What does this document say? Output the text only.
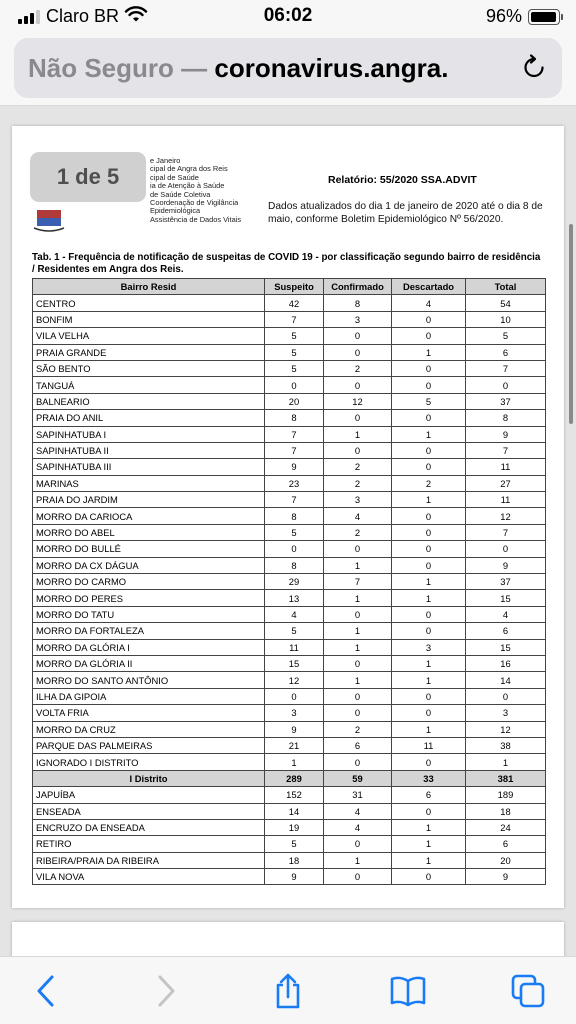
Claro BR	06:02	96%
Não Seguro — coronavirus.angra.
e Janeiro
cipal de Angra dos Reis
cipal de Saúde
ia de Atenção à Saúde
de Saúde Coletiva
Coordenação de Vigilância Epidemiológica
Assistência de Dados Vitais
Relatório: 55/2020 SSA.ADVIT
Dados atualizados do dia 1 de janeiro de 2020 até o dia 8 de maio, conforme Boletim Epidemiológico Nº 56/2020.
Tab. 1 - Frequência de notificação de suspeitas de COVID 19 - por classificação segundo bairro de residência / Residentes em Angra dos Reis.
Bairro Resid	Suspeito	Confirmado	Descartado	Total
CENTRO	42	8	4	54
BONFIM	7	3	0	10
VILA VELHA	5	0	0	5
PRAIA GRANDE	5	0	1	6
SÃO BENTO	5	2	0	7
TANGUÁ	0	0	0	0
BALNEARIO	20	12	5	37
PRAIA DO ANIL	8	0	0	8
SAPINHATUBA I	7	1	1	9
SAPINHATUBA II	7	0	0	7
SAPINHATUBA III	9	2	0	11
MARINAS	23	2	2	27
PRAIA DO JARDIM	7	3	1	11
MORRO DA CARIOCA	8	4	0	12
MORRO DO ABEL	5	2	0	7
MORRO DO BULLÉ	0	0	0	0
MORRO DA CX DÁGUA	8	1	0	9
MORRO DO CARMO	29	7	1	37
MORRO DO PERES	13	1	1	15
MORRO DO TATU	4	0	0	4
MORRO DA FORTALEZA	5	1	0	6
MORRO DA GLÓRIA I	11	1	3	15
MORRO DA GLÓRIA II	15	0	1	16
MORRO DO SANTO ANTÔNIO	12	1	1	14
ILHA DA GIPOIA	0	0	0	0
VOLTA FRIA	3	0	0	3
MORRO DA CRUZ	9	2	1	12
PARQUE DAS PALMEIRAS	21	6	11	38
IGNORADO I DISTRITO	1	0	0	1
I Distrito	289	59	33	381
JAPUÍBA	152	31	6	189
ENSEADA	14	4	0	18
ENCRUZO DA ENSEADA	19	4	1	24
RETIRO	5	0	1	6
RIBEIRA/PRAIA DA RIBEIRA	18	1	1	20
VILA NOVA	9	0	0	9
1 de 5
